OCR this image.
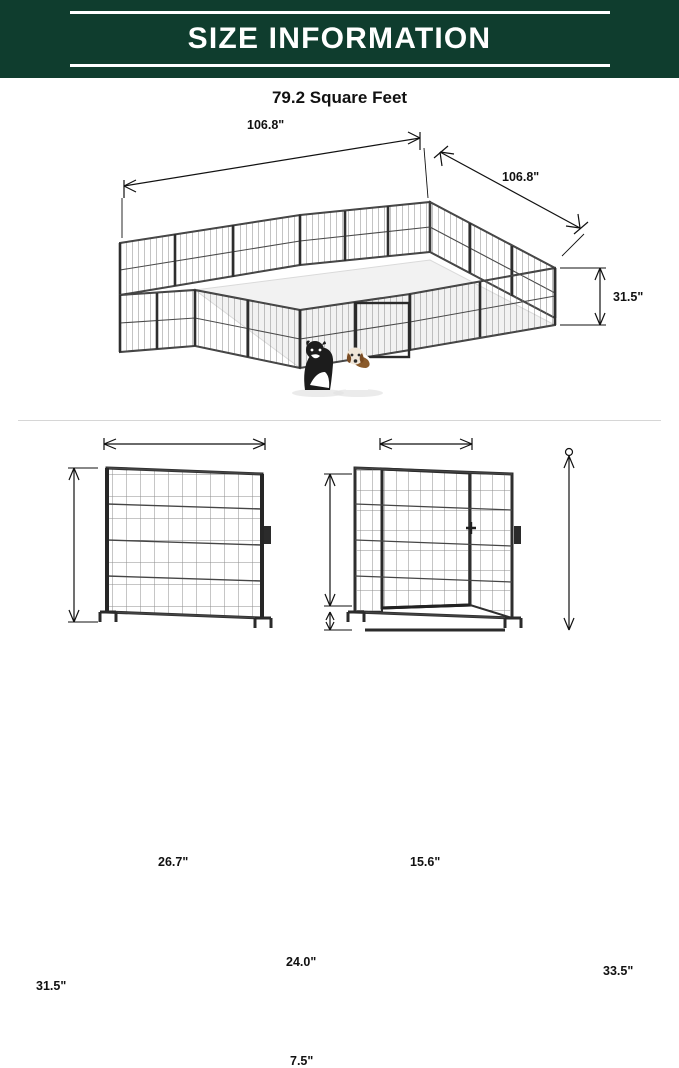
SIZE INFORMATION
79.2 Square Feet
106.8"
106.8"
31.5"
26.7"
31.5"
15.6"
24.0"
7.5"
33.5"
